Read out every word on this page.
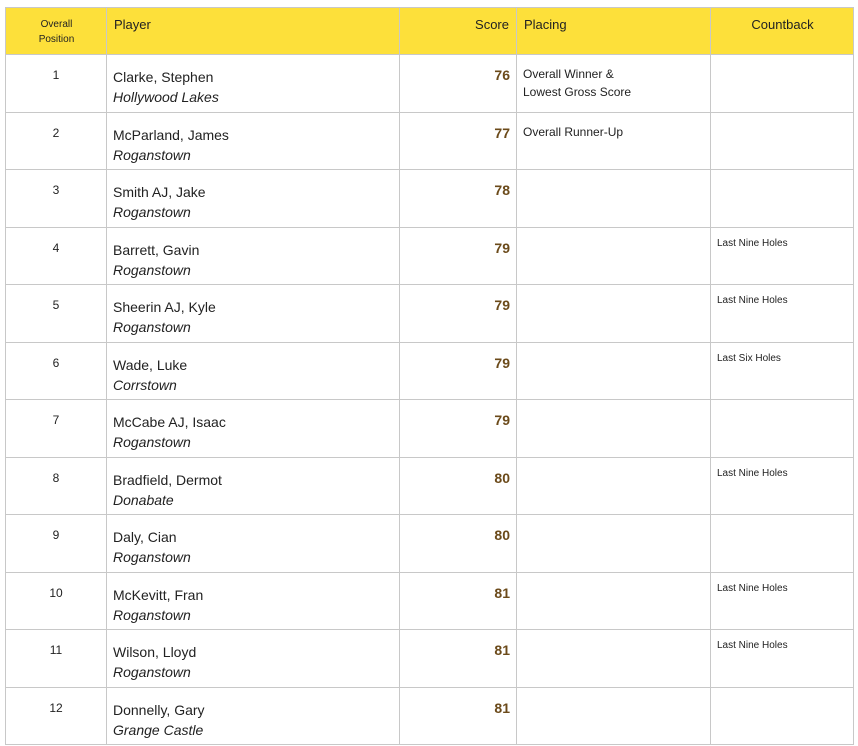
Overall
Position	Player	Score	Placing	Countback
1	Clarke, Stephen
Hollywood Lakes	76	Overall Winner &
Lowest Gross Score	
2	McParland, James
Roganstown	77	Overall Runner-Up

3	Smith AJ, Jake
Roganstown	78	

4	Barrett, Gavin
Roganstown	79		Last Nine Holes
5	Sheerin AJ, Kyle
Roganstown	79		Last Nine Holes
6	Wade, Luke
Corrstown	79		Last Six Holes
7	McCabe AJ, Isaac
Roganstown	79	

8	Bradfield, Dermot
Donabate	80		Last Nine Holes
9	Daly, Cian
Roganstown	80	

10	McKevitt, Fran
Roganstown	81		Last Nine Holes
11	Wilson, Lloyd
Roganstown	81		Last Nine Holes
12	Donnelly, Gary
Grange Castle	81	
